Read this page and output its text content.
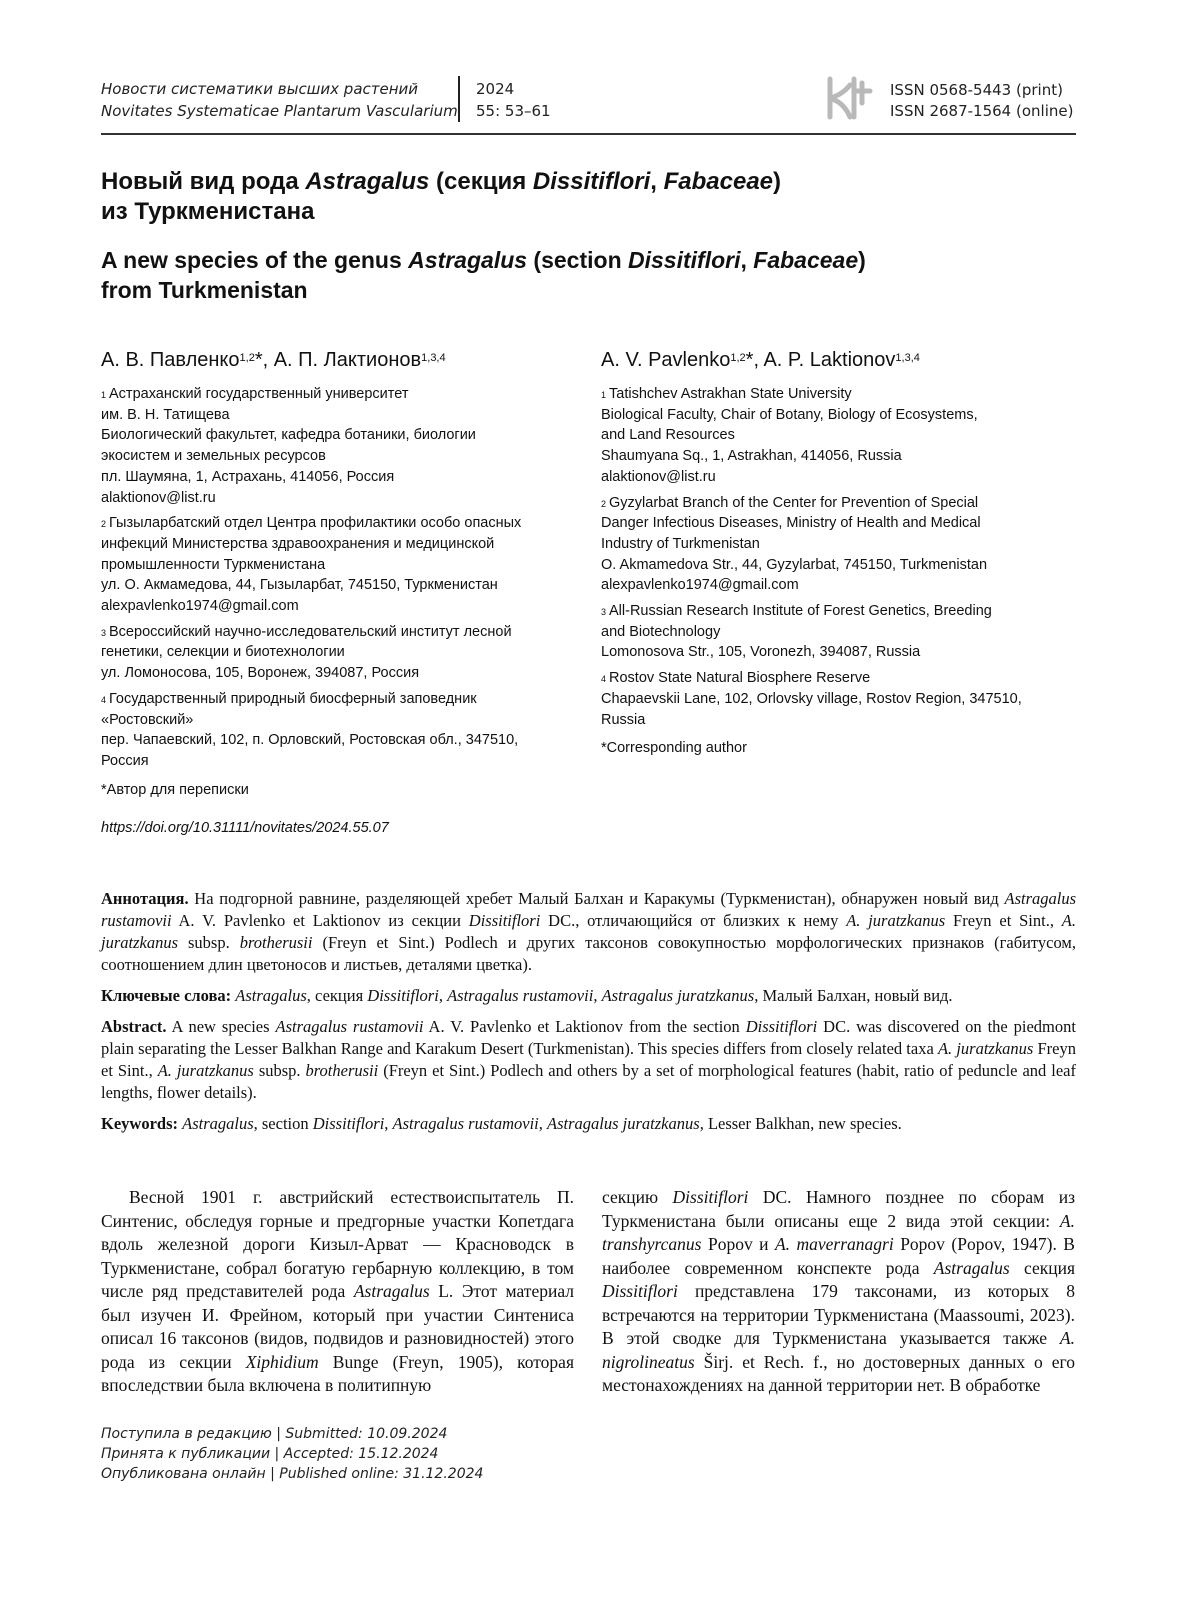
Новости систематики высших растений
Novitates Systematicae Plantarum Vascularium
2024
55: 53–61
ISSN 0568-5443 (print)
ISSN 2687-1564 (online)
Новый вид рода Astragalus (секция Dissitiflori, Fabaceae)
из Туркменистана
A new species of the genus Astragalus (section Dissitiflori, Fabaceae)
from Turkmenistan
А. В. Павленко$^{1,2}$*, А. П. Лактионов$^{1,3,4}$	A. V. Pavlenko$^{1,2}$*, A. P. Laktionov$^{1,3,4}$
$^1$ Астраханский государственный университет
им. В. Н. Татищева
Биологический факультет, кафедра ботаники, биологии
экосистем и земельных ресурсов
пл. Шаумяна, 1, Астрахань, 414056, Россия
alaktionov@list.ru
$^2$ Гызыларбатский отдел Центра профилактики особо опасных
инфекций Министерства здравоохранения и медицинской
промышленности Туркменистана
ул. О. Акмамедова, 44, Гызыларбат, 745150, Туркменистан
alexpavlenko1974@gmail.com
$^3$ Всероссийский научно-исследовательский институт лесной
генетики, селекции и биотехнологии
ул. Ломоносова, 105, Воронеж, 394087, Россия
$^4$ Государственный природный биосферный заповедник
«Ростовский»
пер. Чапаевский, 102, п. Орловский, Ростовская обл., 347510,
Россия
*Автор для переписки
$^1$ Tatishchev Astrakhan State University
Biological Faculty, Chair of Botany, Biology of Ecosystems,
and Land Resources
Shaumyana Sq., 1, Astrakhan, 414056, Russia
alaktionov@list.ru
$^2$ Gyzylarbat Branch of the Center for Prevention of Special
Danger Infectious Diseases, Ministry of Health and Medical
Industry of Turkmenistan
O. Akmamedova Str., 44, Gyzylarbat, 745150, Turkmenistan
alexpavlenko1974@gmail.com
$^3$ All-Russian Research Institute of Forest Genetics, Breeding
and Biotechnology
Lomonosova Str., 105, Voronezh, 394087, Russia
$^4$ Rostov State Natural Biosphere Reserve
Chapaevskii Lane, 102, Orlovsky village, Rostov Region, 347510,
Russia
*Corresponding author
https://doi.org/10.31111/novitates/2024.55.07

Аннотация. На подгорной равнине, разделяющей хребет Малый Балхан и Каракумы (Туркменистан), обнаружен новый вид Astragalus rustamovii A. V. Pavlenko et Laktionov из секции Dissitiflori DC., отличающийся от близких к нему A. juratzkanus Freyn et Sint., A. juratzkanus subsp. brotherusii (Freyn et Sint.) Podlech и других таксонов совокупностью морфологических признаков (габитусом, соотношением длин цветоносов и листьев, деталями цветка).

Ключевые слова: Astragalus, секция Dissitiflori, Astragalus rustamovii, Astragalus juratzkanus, Малый Балхан, новый вид.

Abstract. A new species Astragalus rustamovii A. V. Pavlenko et Laktionov from the section Dissitiflori DC. was discovered on the piedmont plain separating the Lesser Balkhan Range and Karakum Desert (Turkmenistan). This species differs from closely related taxa A. juratzkanus Freyn et Sint., A. juratzkanus subsp. brotherusii (Freyn et Sint.) Podlech and others by a set of morphological features (habit, ratio of peduncle and leaf lengths, flower details).

Keywords: Astragalus, section Dissitiflori, Astragalus rustamovii, Astragalus juratzkanus, Lesser Balkhan, new species.

Весной 1901 г. австрийский естествоиспытатель П. Синтенис, обследуя горные и предгорные участки Копетдага вдоль железной дороги Кизыл-Арват — Красноводск в Туркменистане, собрал богатую гербарную коллекцию, в том числе ряд представителей рода Astragalus L. Этот материал был изучен И. Фрейном, который при участии Синтениса описал 16 таксонов (видов, подвидов и разновидностей) этого рода из секции Xiphidium Bunge (Freyn, 1905), которая впоследствии была включена в политипную

секцию Dissitiflori DC. Намного позднее по сборам из Туркменистана были описаны еще 2 вида этой секции: A. transhyrcanus Popov и A. maverranagri Popov (Popov, 1947). В наиболее современном конспекте рода Astragalus секция Dissitiflori представлена 179 таксонами, из которых 8 встречаются на территории Туркменистана (Maassoumi, 2023). В этой сводке для Туркменистана указывается также A. nigrolineatus Širj. et Rech. f., но достоверных данных о его местонахождениях на данной территории нет. В обработке

Поступила в редакцию | Submitted: 10.09.2024
Принята к публикации | Accepted: 15.12.2024
Опубликована онлайн | Published online: 31.12.2024
